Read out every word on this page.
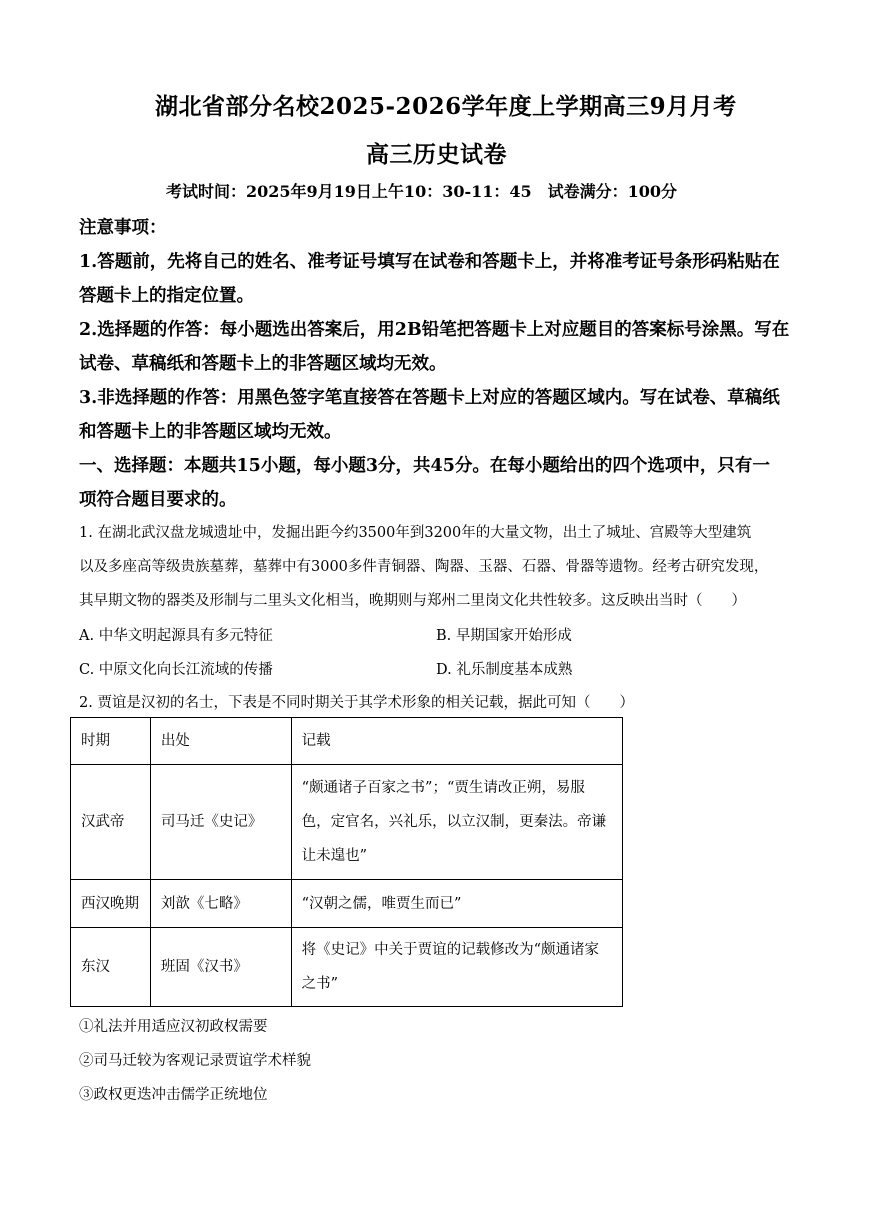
湖北省部分名校2025-2026学年度上学期高三9月月考
高三历史试卷
考试时间：2025年9月19日上午10：30-11：45　试卷满分：100分
注意事项：
1.答题前，先将自己的姓名、准考证号填写在试卷和答题卡上，并将准考证号条形码粘贴在
答题卡上的指定位置。
2.选择题的作答：每小题选出答案后，用2B铅笔把答题卡上对应题目的答案标号涂黑。写在
试卷、草稿纸和答题卡上的非答题区域均无效。
3.非选择题的作答：用黑色签字笔直接答在答题卡上对应的答题区域内。写在试卷、草稿纸
和答题卡上的非答题区域均无效。
一、选择题：本题共15小题，每小题3分，共45分。在每小题给出的四个选项中，只有一
项符合题目要求的。
1. 在湖北武汉盘龙城遗址中，发掘出距今约3500年到3200年的大量文物，出土了城址、宫殿等大型建筑
以及多座高等级贵族墓葬，墓葬中有3000多件青铜器、陶器、玉器、石器、骨器等遗物。经考古研究发现，
其早期文物的器类及形制与二里头文化相当，晚期则与郑州二里岗文化共性较多。这反映出当时（　　）
A. 中华文明起源具有多元特征	B. 早期国家开始形成
C. 中原文化向长江流域的传播	D. 礼乐制度基本成熟
2. 贾谊是汉初的名士，下表是不同时期关于其学术形象的相关记载，据此可知（　　）
时期	出处	记载
汉武帝	司马迁《史记》	“颇通诸子百家之书”；“贾生请改正朔，易服色，定官名，兴礼乐，以立汉制，更秦法。帝谦让未遑也”
西汉晚期	刘歆《七略》	“汉朝之儒，唯贾生而已”
东汉	班固《汉书》	将《史记》中关于贾谊的记载修改为“颇通诸家之书”
①礼法并用适应汉初政权需要
②司马迁较为客观记录贾谊学术样貌
③政权更迭冲击儒学正统地位
